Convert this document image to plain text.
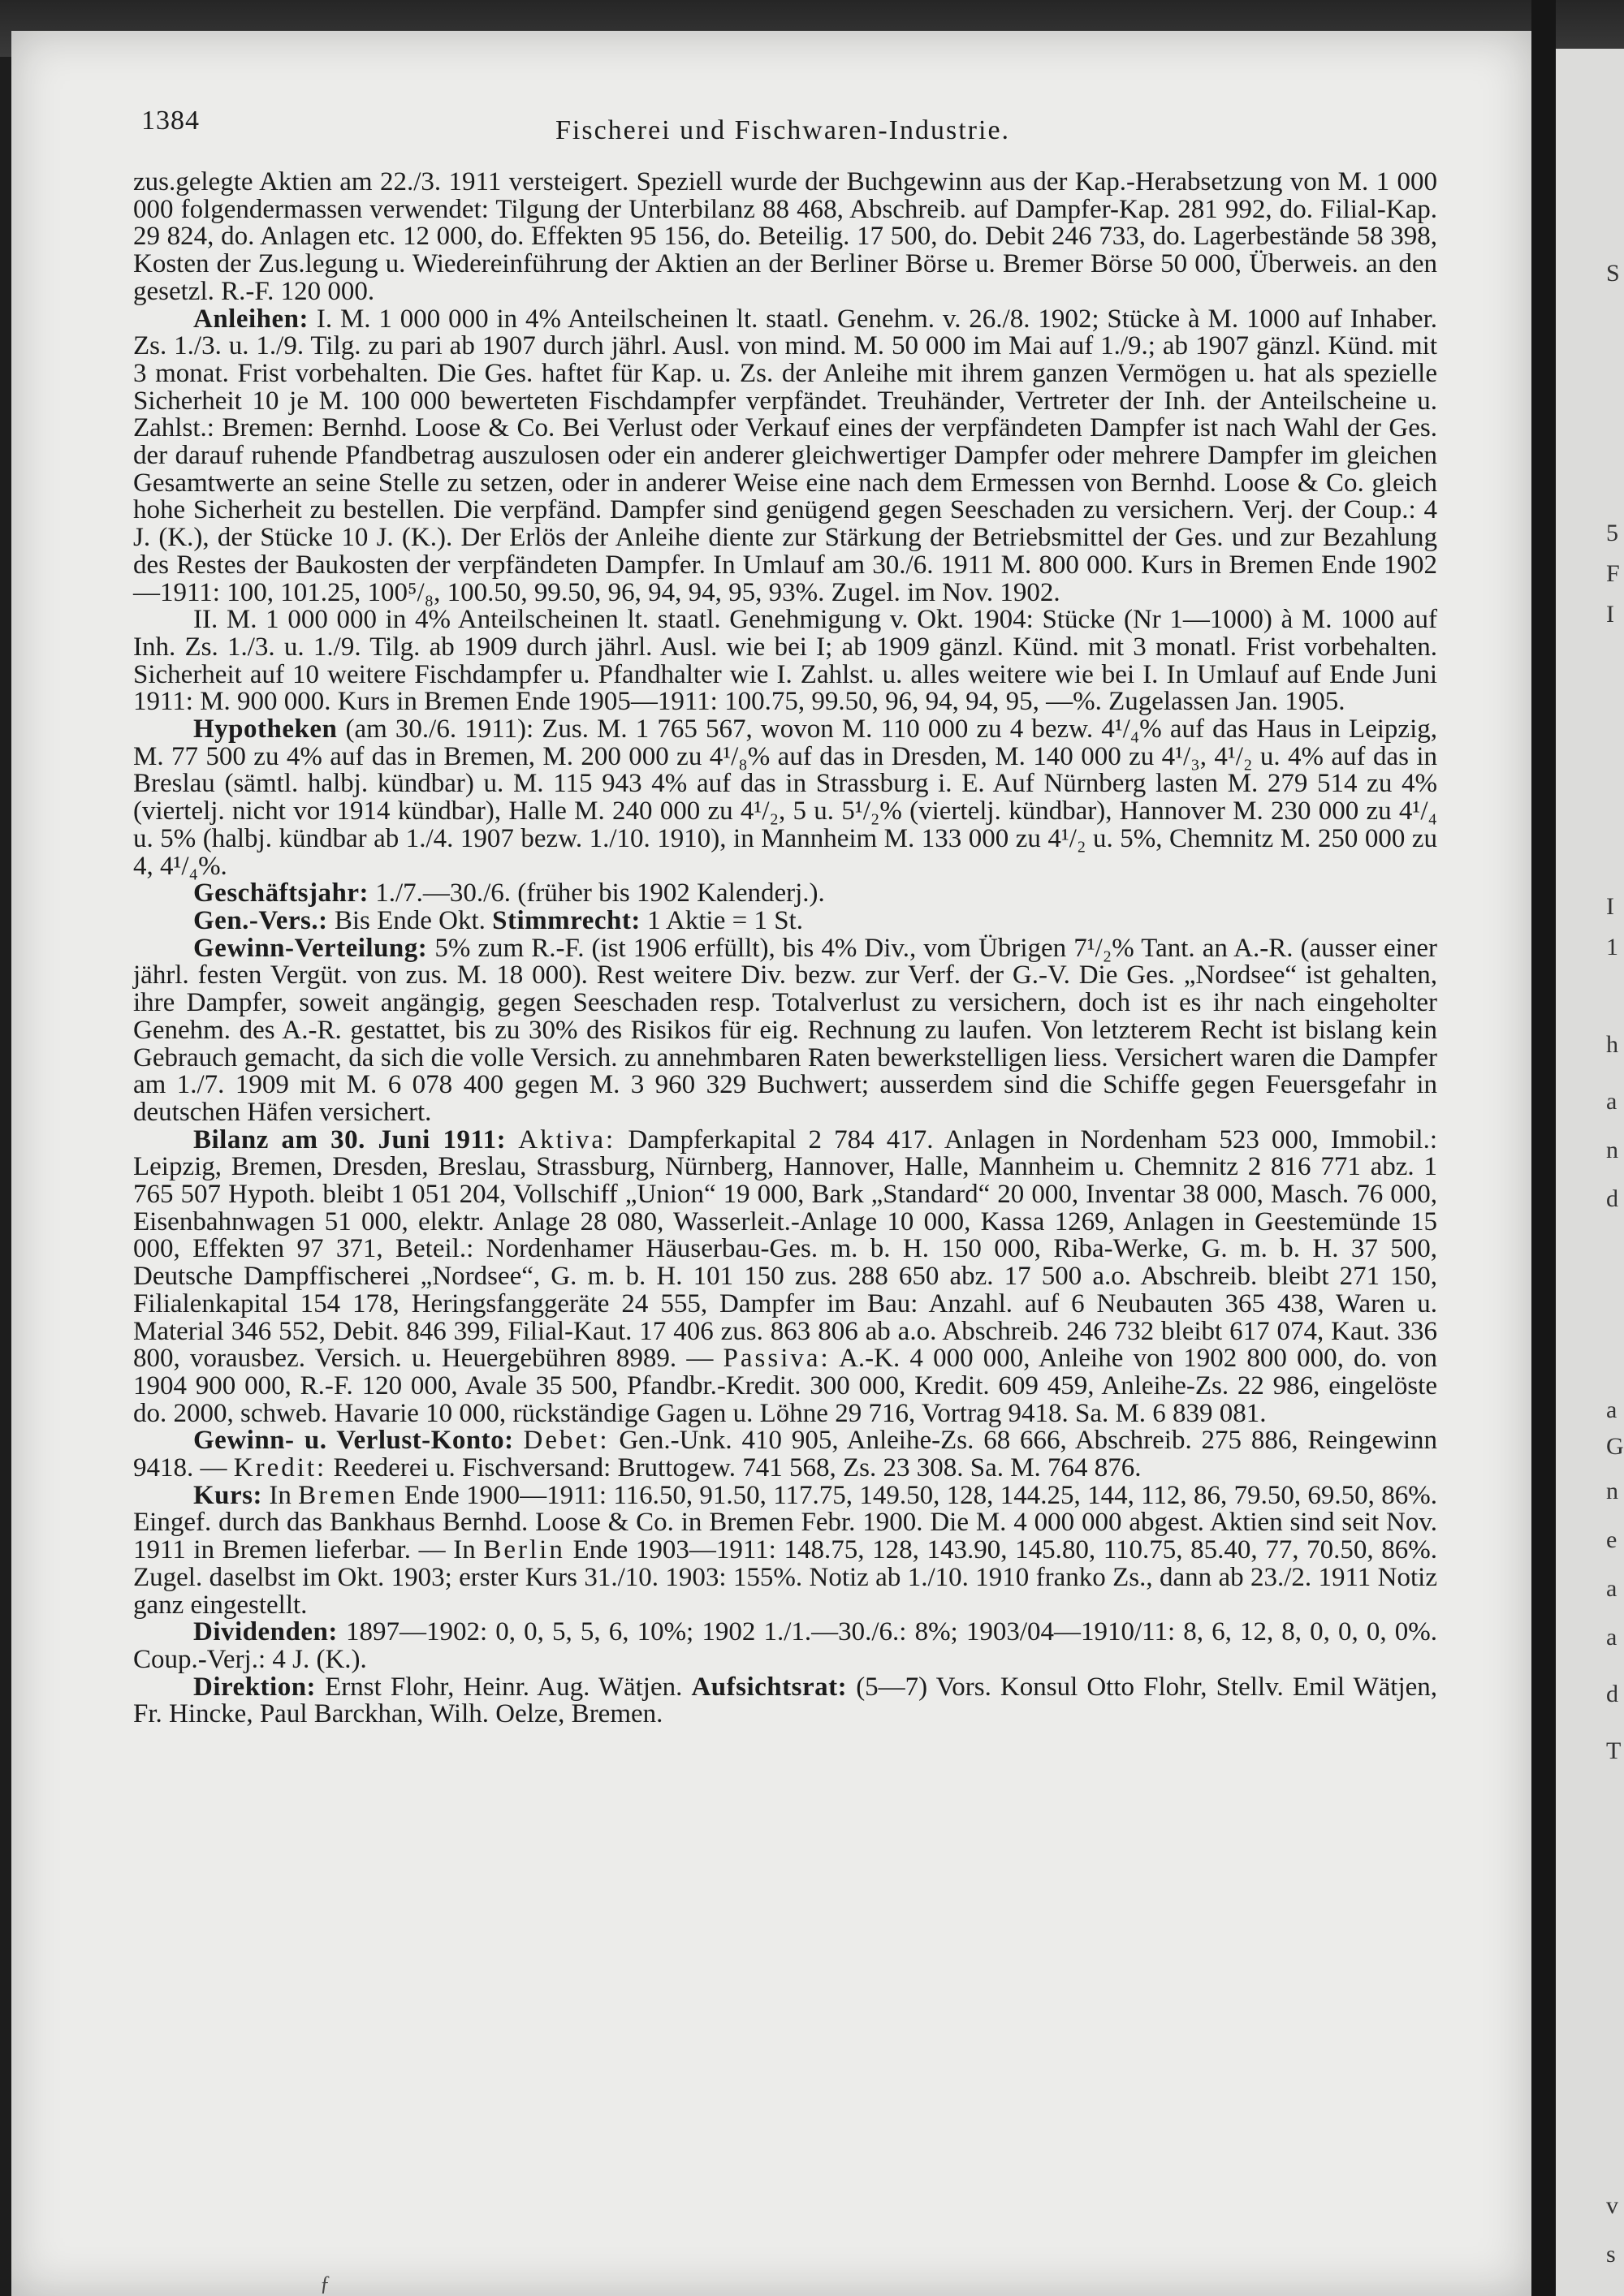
1384	Fischerei und Fischwaren-Industrie.

zus.gelegte Aktien am 22./3. 1911 versteigert. Speziell wurde der Buchgewinn aus der Kap.-Herabsetzung von M. 1 000 000 folgendermassen verwendet: Tilgung der Unterbilanz 88 468, Abschreib. auf Dampfer-Kap. 281 992, do. Filial-Kap. 29 824, do. Anlagen etc. 12 000, do. Effekten 95 156, do. Beteilig. 17 500, do. Debit 246 733, do. Lagerbestände 58 398, Kosten der Zus.legung u. Wiedereinführung der Aktien an der Berliner Börse u. Bremer Börse 50 000, Überweis. an den gesetzl. R.-F. 120 000.

Anleihen: I. M. 1 000 000 in 4% Anteilscheinen lt. staatl. Genehm. v. 26./8. 1902; Stücke à M. 1000 auf Inhaber. Zs. 1./3. u. 1./9. Tilg. zu pari ab 1907 durch jährl. Ausl. von mind. M. 50 000 im Mai auf 1./9.; ab 1907 gänzl. Künd. mit 3 monat. Frist vorbehalten. Die Ges. haftet für Kap. u. Zs. der Anleihe mit ihrem ganzen Vermögen u. hat als spezielle Sicherheit 10 je M. 100 000 bewerteten Fischdampfer verpfändet. Treuhänder, Vertreter der Inh. der Anteilscheine u. Zahlst.: Bremen: Bernhd. Loose & Co. Bei Verlust oder Verkauf eines der verpfändeten Dampfer ist nach Wahl der Ges. der darauf ruhende Pfandbetrag auszulosen oder ein anderer gleichwertiger Dampfer oder mehrere Dampfer im gleichen Gesamtwerte an seine Stelle zu setzen, oder in anderer Weise eine nach dem Ermessen von Bernhd. Loose & Co. gleich hohe Sicherheit zu bestellen. Die verpfänd. Dampfer sind genügend gegen Seeschaden zu versichern. Verj. der Coup.: 4 J. (K.), der Stücke 10 J. (K.). Der Erlös der Anleihe diente zur Stärkung der Betriebsmittel der Ges. und zur Bezahlung des Restes der Baukosten der verpfändeten Dampfer. In Umlauf am 30./6. 1911 M. 800 000. Kurs in Bremen Ende 1902—1911: 100, 101.25, 100⁵/₈, 100.50, 99.50, 96, 94, 94, 95, 93%. Zugel. im Nov. 1902.

II. M. 1 000 000 in 4% Anteilscheinen lt. staatl. Genehmigung v. Okt. 1904: Stücke (Nr 1—1000) à M. 1000 auf Inh. Zs. 1./3. u. 1./9. Tilg. ab 1909 durch jährl. Ausl. wie bei I; ab 1909 gänzl. Künd. mit 3 monatl. Frist vorbehalten. Sicherheit auf 10 weitere Fischdampfer u. Pfandhalter wie I. Zahlst. u. alles weitere wie bei I. In Umlauf auf Ende Juni 1911: M. 900 000. Kurs in Bremen Ende 1905—1911: 100.75, 99.50, 96, 94, 94, 95, —%. Zugelassen Jan. 1905.

Hypotheken (am 30./6. 1911): Zus. M. 1 765 567, wovon M. 110 000 zu 4 bezw. 4¹/₄% auf das Haus in Leipzig, M. 77 500 zu 4% auf das in Bremen, M. 200 000 zu 4¹/₈% auf das in Dresden, M. 140 000 zu 4¹/₃, 4¹/₂ u. 4% auf das in Breslau (sämtl. halbj. kündbar) u. M. 115 943 4% auf das in Strassburg i. E. Auf Nürnberg lasten M. 279 514 zu 4% (viertelj. nicht vor 1914 kündbar), Halle M. 240 000 zu 4¹/₂, 5 u. 5¹/₂% (viertelj. kündbar), Hannover M. 230 000 zu 4¹/₄ u. 5% (halbj. kündbar ab 1./4. 1907 bezw. 1./10. 1910), in Mannheim M. 133 000 zu 4¹/₂ u. 5%, Chemnitz M. 250 000 zu 4, 4¹/₄%.

Geschäftsjahr: 1./7.—30./6. (früher bis 1902 Kalenderj.).

Gen.-Vers.: Bis Ende Okt. Stimmrecht: 1 Aktie = 1 St.

Gewinn-Verteilung: 5% zum R.-F. (ist 1906 erfüllt), bis 4% Div., vom Übrigen 7¹/₂% Tant. an A.-R. (ausser einer jährl. festen Vergüt. von zus. M. 18 000). Rest weitere Div. bezw. zur Verf. der G.-V. Die Ges. „Nordsee“ ist gehalten, ihre Dampfer, soweit angängig, gegen Seeschaden resp. Totalverlust zu versichern, doch ist es ihr nach eingeholter Genehm. des A.-R. gestattet, bis zu 30% des Risikos für eig. Rechnung zu laufen. Von letzterem Recht ist bislang kein Gebrauch gemacht, da sich die volle Versich. zu annehmbaren Raten bewerkstelligen liess. Versichert waren die Dampfer am 1./7. 1909 mit M. 6 078 400 gegen M. 3 960 329 Buchwert; ausserdem sind die Schiffe gegen Feuersgefahr in deutschen Häfen versichert.

Bilanz am 30. Juni 1911: Aktiva: Dampferkapital 2 784 417. Anlagen in Nordenham 523 000, Immobil.: Leipzig, Bremen, Dresden, Breslau, Strassburg, Nürnberg, Hannover, Halle, Mannheim u. Chemnitz 2 816 771 abz. 1 765 507 Hypoth. bleibt 1 051 204, Vollschiff „Union“ 19 000, Bark „Standard“ 20 000, Inventar 38 000, Masch. 76 000, Eisenbahnwagen 51 000, elektr. Anlage 28 080, Wasserleit.-Anlage 10 000, Kassa 1269, Anlagen in Geestemünde 15 000, Effekten 97 371, Beteil.: Nordenhamer Häuserbau-Ges. m. b. H. 150 000, Riba-Werke, G. m. b. H. 37 500, Deutsche Dampffischerei „Nordsee“, G. m. b. H. 101 150 zus. 288 650 abz. 17 500 a.o. Abschreib. bleibt 271 150, Filialenkapital 154 178, Heringsfanggeräte 24 555, Dampfer im Bau: Anzahl. auf 6 Neubauten 365 438, Waren u. Material 346 552, Debit. 846 399, Filial-Kaut. 17 406 zus. 863 806 ab a.o. Abschreib. 246 732 bleibt 617 074, Kaut. 336 800, vorausbez. Versich. u. Heuergebühren 8989. — Passiva: A.-K. 4 000 000, Anleihe von 1902 800 000, do. von 1904 900 000, R.-F. 120 000, Avale 35 500, Pfandbr.-Kredit. 300 000, Kredit. 609 459, Anleihe-Zs. 22 986, eingelöste do. 2000, schweb. Havarie 10 000, rückständige Gagen u. Löhne 29 716, Vortrag 9418. Sa. M. 6 839 081.

Gewinn- u. Verlust-Konto: Debet: Gen.-Unk. 410 905, Anleihe-Zs. 68 666, Abschreib. 275 886, Reingewinn 9418. — Kredit: Reederei u. Fischversand: Bruttogew. 741 568, Zs. 23 308. Sa. M. 764 876.

Kurs: In Bremen Ende 1900—1911: 116.50, 91.50, 117.75, 149.50, 128, 144.25, 144, 112, 86, 79.50, 69.50, 86%. Eingef. durch das Bankhaus Bernhd. Loose & Co. in Bremen Febr. 1900. Die M. 4 000 000 abgest. Aktien sind seit Nov. 1911 in Bremen lieferbar. — In Berlin Ende 1903—1911: 148.75, 128, 143.90, 145.80, 110.75, 85.40, 77, 70.50, 86%. Zugel. daselbst im Okt. 1903; erster Kurs 31./10. 1903: 155%. Notiz ab 1./10. 1910 franko Zs., dann ab 23./2. 1911 Notiz ganz eingestellt.

Dividenden: 1897—1902: 0, 0, 5, 5, 6, 10%; 1902 1./1.—30./6.: 8%; 1903/04—1910/11: 8, 6, 12, 8, 0, 0, 0, 0%. Coup.-Verj.: 4 J. (K.).

Direktion: Ernst Flohr, Heinr. Aug. Wätjen. Aufsichtsrat: (5—7) Vors. Konsul Otto Flohr, Stellv. Emil Wätjen, Fr. Hincke, Paul Barckhan, Wilh. Oelze, Bremen.

ƒ
S
5
F
I
I
1
h
a
n
d
a
G
n
e
a
a
d
T
v
s
